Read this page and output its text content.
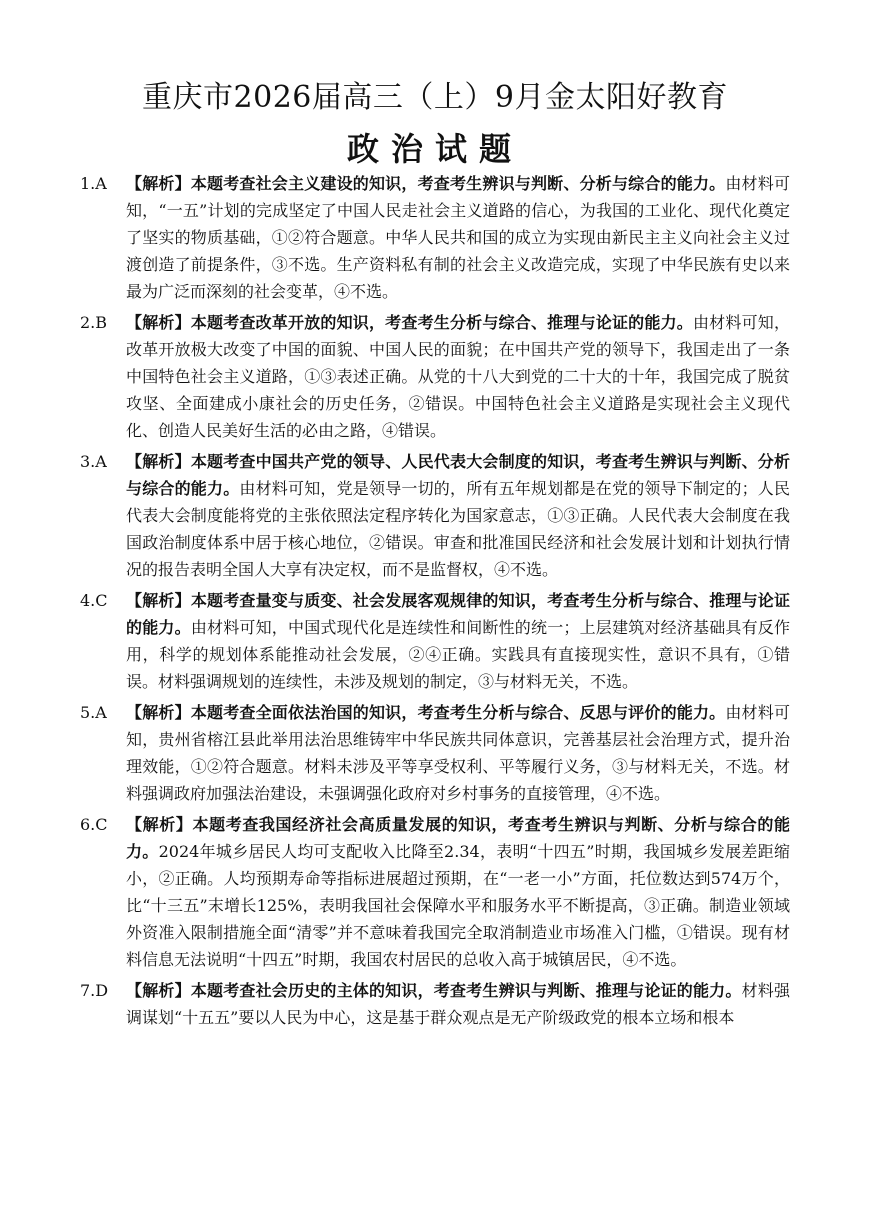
重庆市2026届高三（上）9月金太阳好教育
政治试题
1.A	【解析】本题考查社会主义建设的知识，考查考生辨识与判断、分析与综合的能力。由材料可知，“一五”计划的完成坚定了中国人民走社会主义道路的信心，为我国的工业化、现代化奠定了坚实的物质基础，①②符合题意。中华人民共和国的成立为实现由新民主主义向社会主义过渡创造了前提条件，③不选。生产资料私有制的社会主义改造完成，实现了中华民族有史以来最为广泛而深刻的社会变革，④不选。
2.B	【解析】本题考查改革开放的知识，考查考生分析与综合、推理与论证的能力。由材料可知，改革开放极大改变了中国的面貌、中国人民的面貌；在中国共产党的领导下，我国走出了一条中国特色社会主义道路，①③表述正确。从党的十八大到党的二十大的十年，我国完成了脱贫攻坚、全面建成小康社会的历史任务，②错误。中国特色社会主义道路是实现社会主义现代化、创造人民美好生活的必由之路，④错误。
3.A	【解析】本题考查中国共产党的领导、人民代表大会制度的知识，考查考生辨识与判断、分析与综合的能力。由材料可知，党是领导一切的，所有五年规划都是在党的领导下制定的；人民代表大会制度能将党的主张依照法定程序转化为国家意志，①③正确。人民代表大会制度在我国政治制度体系中居于核心地位，②错误。审查和批准国民经济和社会发展计划和计划执行情况的报告表明全国人大享有决定权，而不是监督权，④不选。
4.C	【解析】本题考查量变与质变、社会发展客观规律的知识，考查考生分析与综合、推理与论证的能力。由材料可知，中国式现代化是连续性和间断性的统一；上层建筑对经济基础具有反作用，科学的规划体系能推动社会发展，②④正确。实践具有直接现实性，意识不具有，①错误。材料强调规划的连续性，未涉及规划的制定，③与材料无关，不选。
5.A	【解析】本题考查全面依法治国的知识，考查考生分析与综合、反思与评价的能力。由材料可知，贵州省榕江县此举用法治思维铸牢中华民族共同体意识，完善基层社会治理方式，提升治理效能，①②符合题意。材料未涉及平等享受权利、平等履行义务，③与材料无关，不选。材料强调政府加强法治建设，未强调强化政府对乡村事务的直接管理，④不选。
6.C	【解析】本题考查我国经济社会高质量发展的知识，考查考生辨识与判断、分析与综合的能力。2024年城乡居民人均可支配收入比降至2.34，表明“十四五”时期，我国城乡发展差距缩小，②正确。人均预期寿命等指标进展超过预期，在“一老一小”方面，托位数达到574万个，比“十三五”末增长125%，表明我国社会保障水平和服务水平不断提高，③正确。制造业领域外资准入限制措施全面“清零”并不意味着我国完全取消制造业市场准入门槛，①错误。现有材料信息无法说明“十四五”时期，我国农村居民的总收入高于城镇居民，④不选。
7.D	【解析】本题考查社会历史的主体的知识，考查考生辨识与判断、推理与论证的能力。材料强调谋划“十五五”要以人民为中心，这是基于群众观点是无产阶级政党的根本立场和根本
